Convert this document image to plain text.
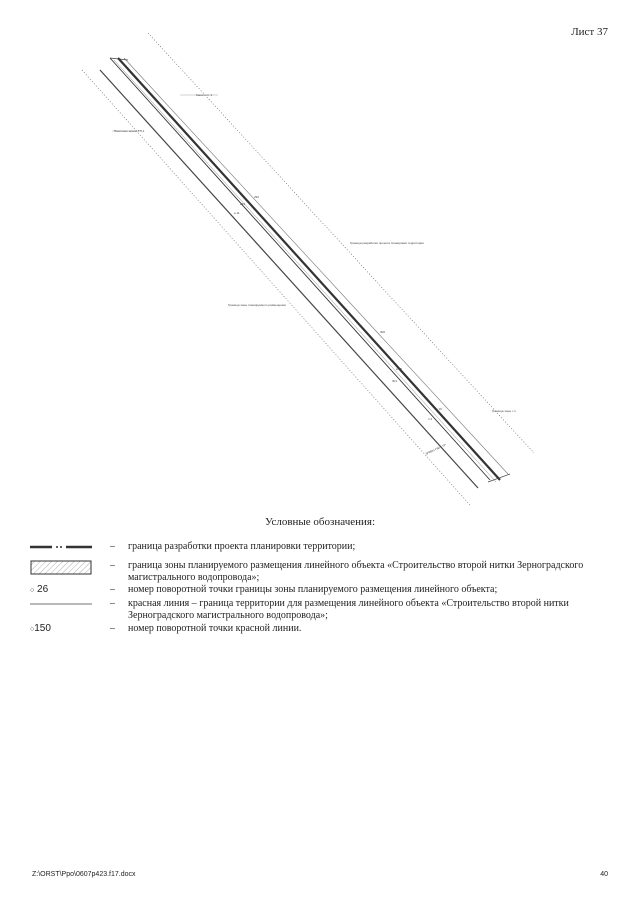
Лист 37
Канал т.п. 1
Пахотные земли ТП-1
Граница разработки проекта планировки территории
Граница зоны планируемого размещения
Граница зоны т.п.
ЗРМВ1-ПМТ-ТР
292
293
а 11
300
а 18
301
а 19
п 2
Условные обозначения:
– граница разработки проекта планировки территории;
– граница зоны планируемого размещения линейного объекта «Строительство второй нитки Зерноградского магистрального водопровода»;
○ 26	– номер поворотной точки границы зоны планируемого размещения линейного объекта;
– красная линия – граница территории для размещения линейного объекта «Строительство второй нитки Зерноградского магистрального водопровода»;
○150	– номер поворотной точки красной линии.
Z:\ORST\Ppo\0607p423.f17.docx	40
